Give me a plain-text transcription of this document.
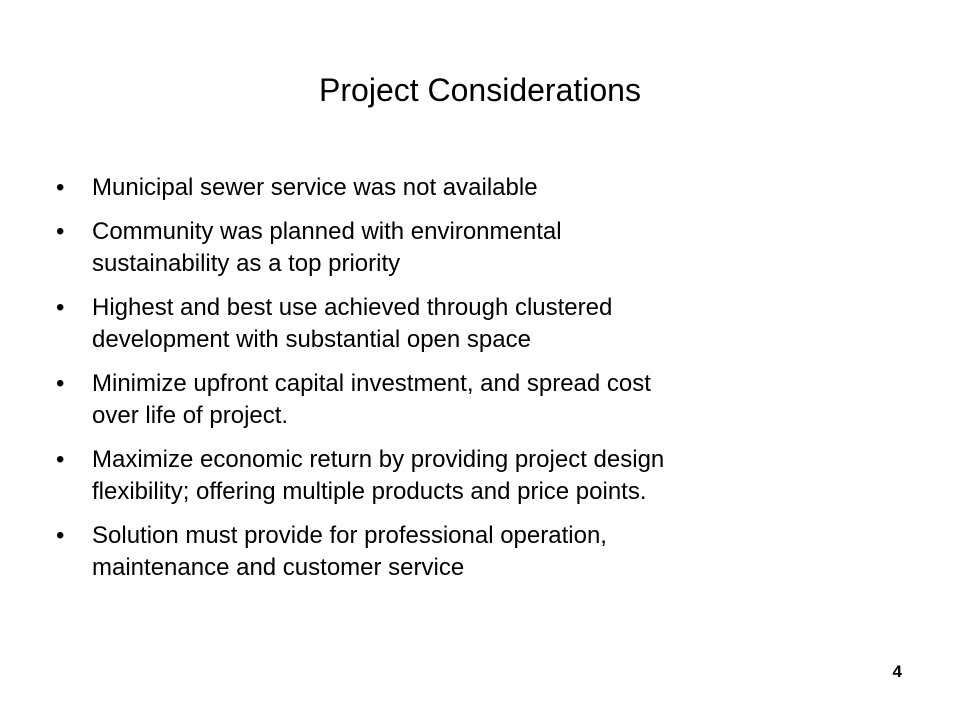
Project Considerations
•	Municipal sewer service was not available
•	Community was planned with environmental
sustainability as a top priority
•	Highest and best use achieved through clustered
development with substantial open space
•	Minimize upfront capital investment, and spread cost
over life of project.
•	Maximize economic return by providing project design
flexibility; offering multiple products and price points.
•	Solution must provide for professional operation,
maintenance and customer service
4
